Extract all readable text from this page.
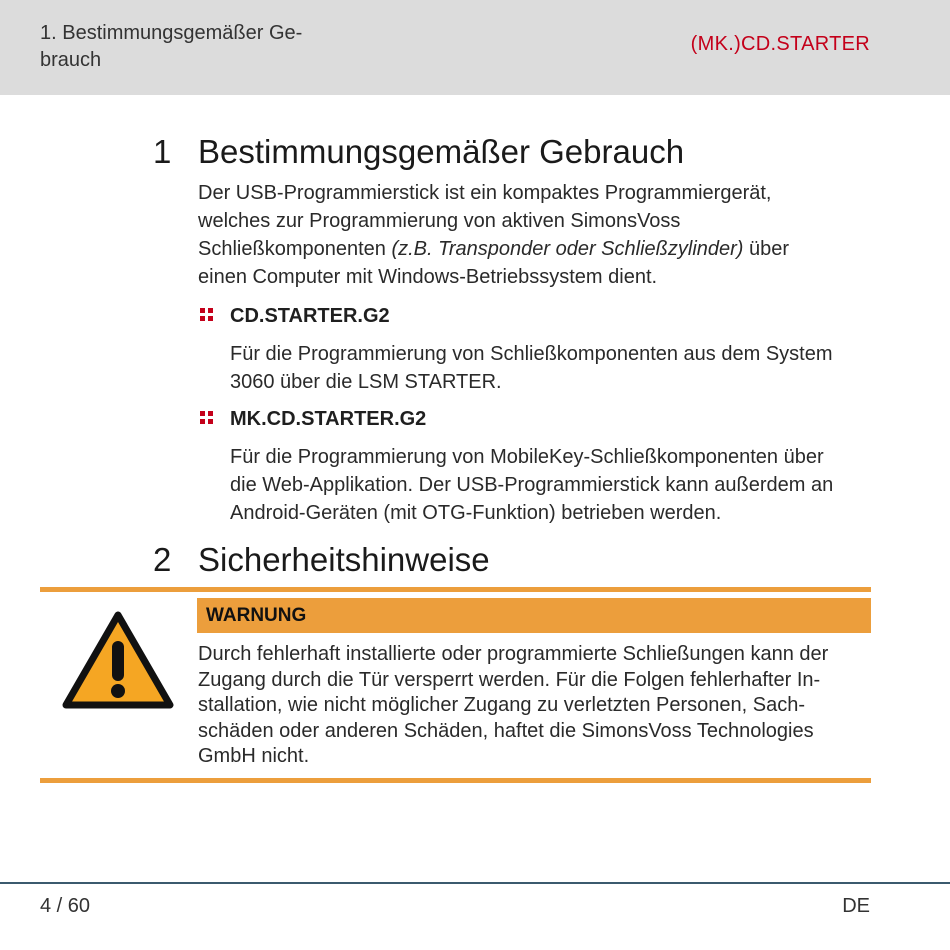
1. Bestimmungsgemäßer Ge-
brauch
(MK.)CD.STARTER
1 Bestimmungsgemäßer Gebrauch
Der USB-Programmierstick ist ein kompaktes Programmiergerät,
welches zur Programmierung von aktiven SimonsVoss
Schließkomponenten (z.B. Transponder oder Schließzylinder) über
einen Computer mit Windows-Betriebssystem dient.
CD.STARTER.G2
Für die Programmierung von Schließkomponenten aus dem System
3060 über die LSM STARTER.
MK.CD.STARTER.G2
Für die Programmierung von MobileKey-Schließkomponenten über
die Web-Applikation. Der USB-Programmierstick kann außerdem an
Android-Geräten (mit OTG-Funktion) betrieben werden.
2 Sicherheitshinweise
WARNUNG
Durch fehlerhaft installierte oder programmierte Schließungen kann der
Zugang durch die Tür versperrt werden. Für die Folgen fehlerhafter In-
stallation, wie nicht möglicher Zugang zu verletzten Personen, Sach-
schäden oder anderen Schäden, haftet die SimonsVoss Technologies
GmbH nicht.
4 / 60	DE
